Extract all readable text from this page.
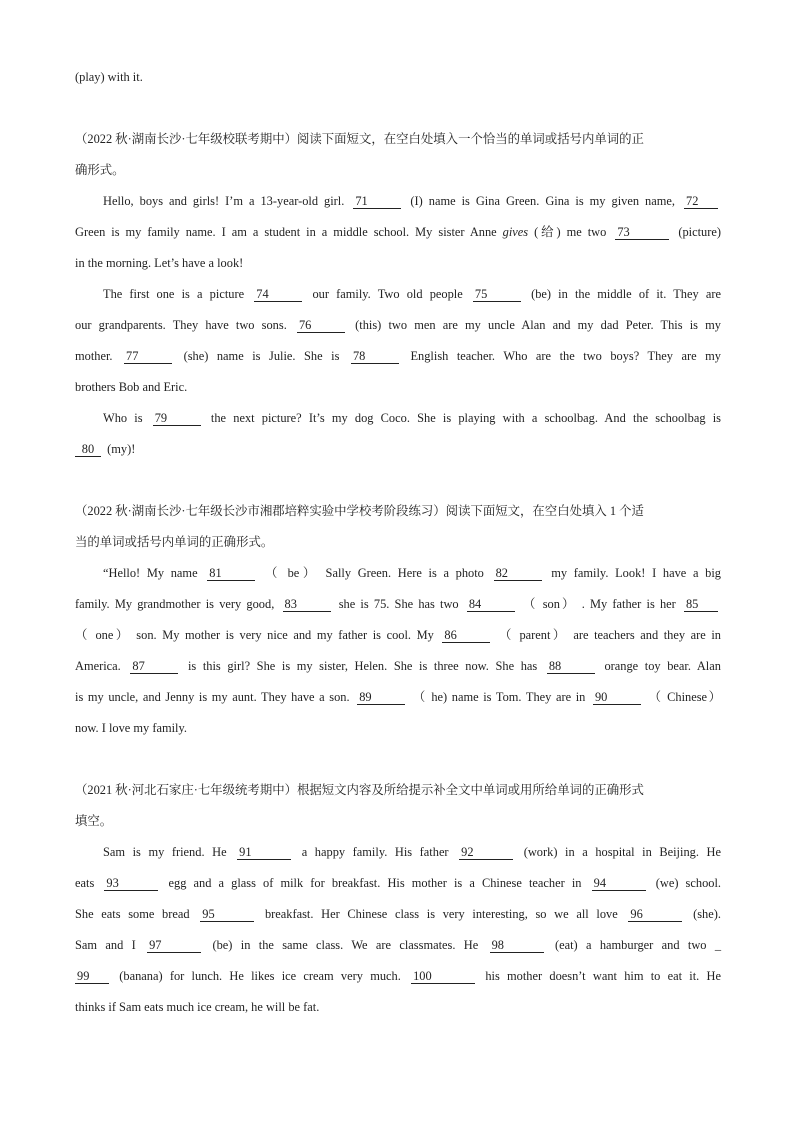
(play) with it.
（2022 秋·湖南长沙·七年级校联考期中）阅读下面短文，在空白处填入一个恰当的单词或括号内单词的正
确形式。
Hello, boys and girls! I’m a 13-year-old girl. 71	(I) name is Gina Green. Gina is my given name, 72
Green is my family name. I am a student in a middle school. My sister Anne gives (给) me two 73	(picture)
in the morning. Let’s have a look!
The first one is a picture 74	our family. Two old people 75	(be) in the middle of it. They are
our grandparents. They have two sons. 76	(this) two men are my uncle Alan and my dad Peter. This is my
mother. 77	(she) name is Julie. She is 78	English teacher. Who are the two boys? They are my
brothers Bob and Eric.
Who is 79	the next picture? It’s my dog Coco. She is playing with a schoolbag. And the schoolbag is
80 (my)!
（2022 秋·湖南长沙·七年级长沙市湘郡培粹实验中学校考阶段练习）阅读下面短文，在空白处填入 1 个适
当的单词或括号内单词的正确形式。
“Hello! My name 81	（ be） Sally Green. Here is a photo 82	my family. Look! I have a big
family. My grandmother is very good, 83	she is 75. She has two 84	（ son） . My father is her 85
（ one） son. My mother is very nice and my father is cool. My 86	（ parent） are teachers and they are in
America. 87	is this girl? She is my sister, Helen. She is three now. She has 88	orange toy bear. Alan
is my uncle, and Jenny is my aunt. They have a son. 89	（ he) name is Tom. They are in 90	（ Chinese）
now. I love my family.
（2021 秋·河北石家庄·七年级统考期中）根据短文内容及所给提示补全文中单词或用所给单词的正确形式
填空。
Sam is my friend. He 91	a happy family. His father 92	(work) in a hospital in Beijing. He
eats 93	egg and a glass of milk for breakfast. His mother is a Chinese teacher in 94	(we) school.
She eats some bread 95	breakfast. Her Chinese class is very interesting, so we all love 96	(she).
Sam and I 97	(be) in the same class. We are classmates. He 98	(eat) a hamburger and two _
99 (banana) for lunch. He likes ice cream very much. 100	his mother doesn’t want him to eat it. He
thinks if Sam eats much ice cream, he will be fat.
